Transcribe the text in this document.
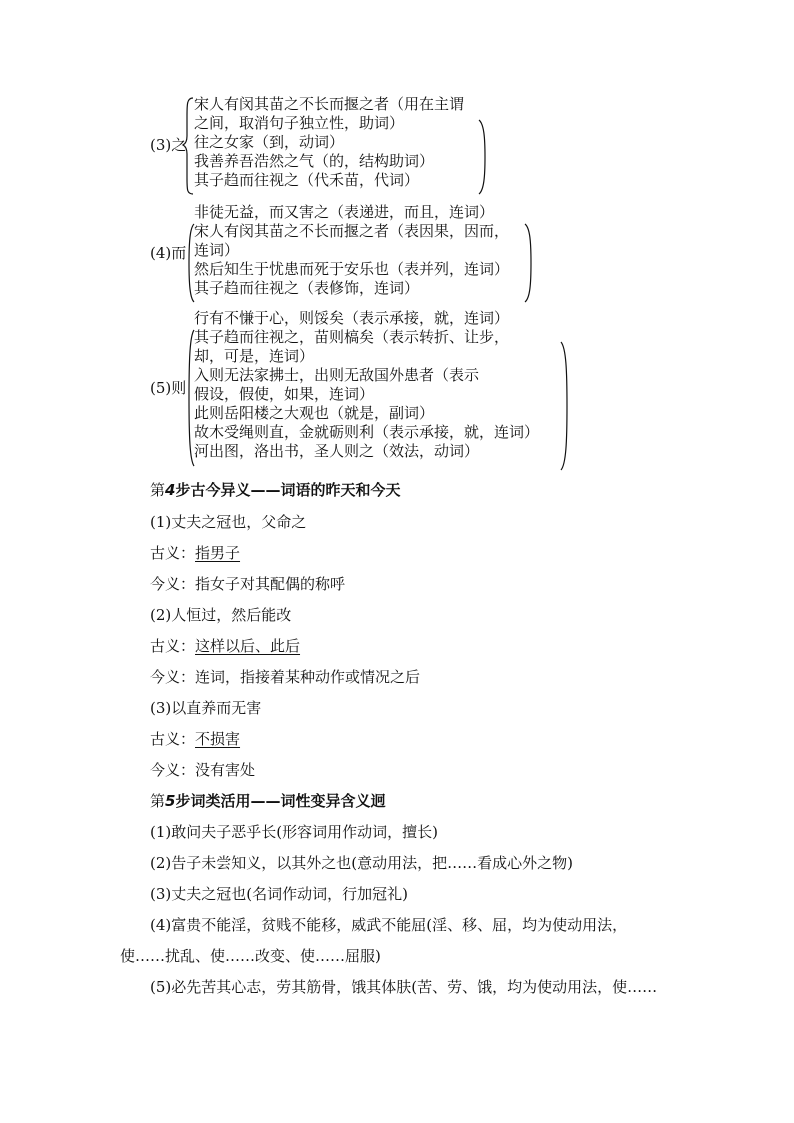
(3)之
宋人有闵其苗之不长而揠之者（用在主谓
之间，取消句子独立性，助词）
往之女家（到，动词）
我善养吾浩然之气（的，结构助词）
其子趋而往视之（代禾苗，代词）
(4)而
非徒无益，而又害之（表递进，而且，连词）
宋人有闵其苗之不长而揠之者（表因果，因而，
连词）
然后知生于忧患而死于安乐也（表并列，连词）
其子趋而往视之（表修饰，连词）
(5)则
行有不慊于心，则馁矣（表示承接，就，连词）
其子趋而往视之，苗则槁矣（表示转折、让步，
却，可是，连词）
入则无法家拂士，出则无敌国外患者（表示
假设，假使，如果，连词）
此则岳阳楼之大观也（就是，副词）
故木受绳则直，金就砺则利（表示承接，就，连词）
河出图，洛出书，圣人则之（效法，动词）
第4步古今异义——词语的昨天和今天
(1)丈夫之冠也，父命之
古义：指男子
今义：指女子对其配偶的称呼
(2)人恒过，然后能改
古义：这样以后、此后
今义：连词，指接着某种动作或情况之后
(3)以直养而无害
古义：不损害
今义：没有害处
第5步词类活用——词性变异含义迥
(1)敢问夫子恶乎长(形容词用作动词，擅长)
(2)告子未尝知义，以其外之也(意动用法，把……看成心外之物)
(3)丈夫之冠也(名词作动词，行加冠礼)
(4)富贵不能淫，贫贱不能移，威武不能屈(淫、移、屈，均为使动用法，
使……扰乱、使……改变、使……屈服)
(5)必先苦其心志，劳其筋骨，饿其体肤(苦、劳、饿，均为使动用法，使……
